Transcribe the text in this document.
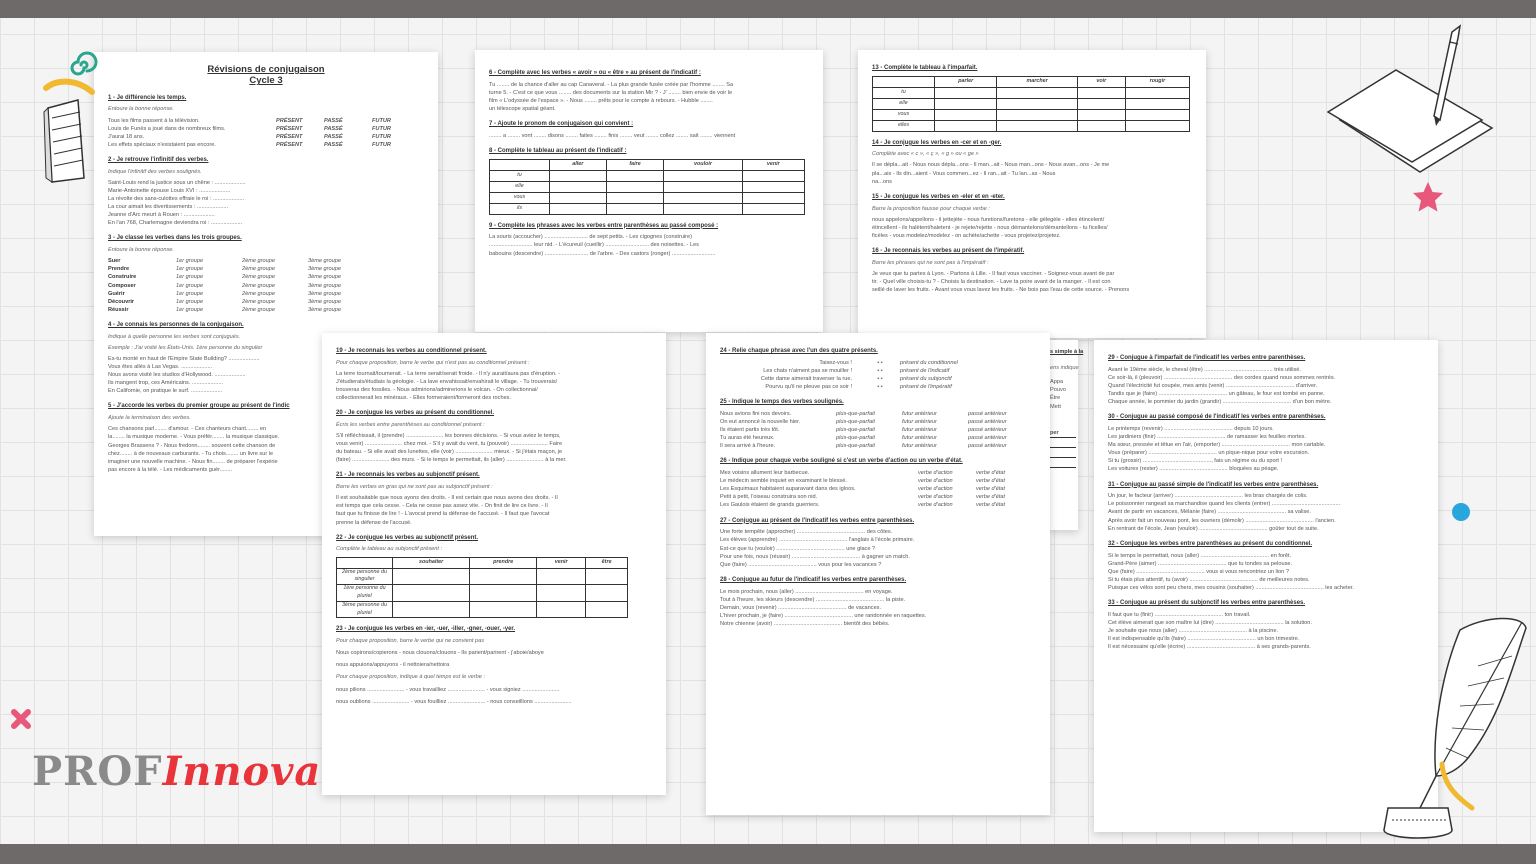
PROF Innova
Révisions de conjugaison
Cycle 3
1 - Je différencie les temps.
Entoure la bonne réponse.
Tous les films passent à la télévision.	PRÉSENT	PASSÉ	FUTUR
Louis de Funès a joué dans de nombreux films.	PRÉSENT	PASSÉ	FUTUR
J'aurai 18 ans.	PRÉSENT	PASSÉ	FUTUR
Les effets spéciaux n'existaient pas encore.	PRÉSENT	PASSÉ	FUTUR
2 - Je retrouve l'infinitif des verbes.
Indique l'infinitif des verbes soulignés.
Saint-Louis rend la justice sous un chêne : ....................
Marie-Antoinette épouse Louis XVI : ....................
La révolte des sans-culottes effraie le roi : ....................
La cour aimait les divertissements : ....................
Jeanne d'Arc meurt à Rouen : ....................
En l'an 768, Charlemagne deviendra roi : ....................
3 - Je classe les verbes dans les trois groupes.
Entoure la bonne réponse.
Suer	1er groupe	2ème groupe	3ème groupe
Prendre	1er groupe	2ème groupe	3ème groupe
Construire	1er groupe	2ème groupe	3ème groupe
Composer	1er groupe	2ème groupe	3ème groupe
Guérir	1er groupe	2ème groupe	3ème groupe
Découvrir	1er groupe	2ème groupe	3ème groupe
Réussir	1er groupe	2ème groupe	3ème groupe
4 - Je connais les personnes de la conjugaison.
Indique à quelle personne les verbes sont conjugués.
Exemple : J'ai visité les États-Unis. 1ère personne du singulier
Es-tu monté en haut de l'Empire State Building? ....................
Vous êtes allés à Las Vegas. ....................
Nous avons visité les studios d'Hollywood. ....................
Ils mangent trop, ces Américains. ....................
En Californie, on pratique le surf. ....................
5 - J'accorde les verbes du premier groupe au présent de l'indic
Ajoute la terminaison des verbes.
Ces chansons parl........ d'amour. - Ces chanteurs chant........ en
la........ la musique moderne. - Vous préfér........ la musique classique.
Georges Brassens ? - Nous fredonn........ souvent cette chanson de
chez........ à de nouveaux carburants. - Tu chois........ un livre sur le
imaginer une nouvelle machine. - Nous fin........ de préparer l'expérie
pas encore à la télé. - Les médicaments guér........
6 - Complète avec les verbes « avoir » ou « être » au présent de l'indicatif :
Tu ........ de la chance d'aller au cap Canaveral. - La plus grande fusée créée par l'homme ........ Sa
turne 5. - C'est ce que vous ........ des documents sur la station Mir ? - J' ........ bien envie de voir le
film « L'odyssée de l'espace ». - Nous ........ prêts pour le compte à rebours. - Hubble ........
un télescope spatial géant.
7 - Ajoute le pronom de conjugaison qui convient :
........ a ........ vont ........ disons ........ faites ........ finis ........ veut ........ collez ........ sait ........ viennent
8 - Complète le tableau au présent de l'indicatif :
	aller	faire	vouloir	venir
tu				
elle				
vous				
ils				
9 - Complète les phrases avec les verbes entre parenthèses au passé composé :
La souris (accoucher) ............................ de sept petits. - Les cigognes (construire)
............................ leur nid. - L'écureuil (cueillir) ............................ des noisettes. - Les
babouins (descendre) ............................ de l'arbre. - Des castors (ronger) ............................
13 - Complète le tableau à l'imparfait.
	parler	marcher	voir	rougir
tu				
elle				
vous				
elles				
14 - Je conjugue les verbes en -cer et en -ger.
Complète avec « c », « ç », « g » ou « ge »
Il se dépla...ait - Nous nous dépla...ons - Il man...ait - Nous man...ons - Nous avan...ons - Je me
pla...ais - Ils din...aient - Vous commen...ez - Il ran...ait - Tu lan...as - Nous
na...ons
15 - Je conjugue les verbes en -eler et en -eter.
Barre la proposition fausse pour chaque verbe :
nous appelons/appellons - il jettejète - nous furetions/furetons - elle gèlegèle - elles étincelent/
étincellent - ils halètent/haletent - je rejete/rejette - nous démantelons/démantellons - tu ficelles/
ficèles - vous modelez/modelez - on achète/achette - vous projetez/projetez.
16 - Je reconnais les verbes au présent de l'impératif.
Barre les phrases qui ne sont pas à l'impératif :
Je veux que tu partes à Lyon. - Partons à Lille. - Il faut vous vacciner. - Soignez-vous avant de par
tir. - Quel ville choisis-tu ? - Choisis la destination. - Lave ta poire avant de la manger. - Il est con
seillé de laver les fruits. - Avant vous vous lavez les fruits. - Ne bois pas l'eau de cette source. - Prenons
s simple à la
ens indique
Appa
Pouvo
Être
Mett
per
19 - Je reconnais les verbes au conditionnel présent.
Pour chaque proposition, barre le verbe qui n'est pas au conditionnel présent :
La terre tournait/tournerait. - La terre serait/serait froide. - Il n'y aurait/aura pas d'éruption. -
J'étudierais/étudiais la géologie. - La lave envahissait/envahirait le village. - Tu trouverais/
trouveras des fossiles. - Nous admirions/admirerions le volcan. - On collectionnai/
collectionnerait les minéraux. - Elles formeraient/formeront des roches.
20 - Je conjugue les verbes au présent du conditionnel.
Écris les verbes entre parenthèses au conditionnel présent :
S'il réfléchissait, il (prendre) ........................ les bonnes décisions. - Si vous aviez le temps,
vous venir) ........................ chez moi. - S'il y avait du vent, tu (pouvoir) ........................ Faire
du bateau. - Si elle avait des lunettes, elle (voir) ........................ mieux. - Si j'étais maçon, je
(faire) ........................ des murs. - Si le temps le permettait, ils (aller) ........................ à la mer.
21 - Je reconnais les verbes au subjonctif présent.
Barre les verbes en gras qui ne sont pas au subjonctif présent :
Il est souhaitable que nous ayons des droits. - Il est certain que nous avons des droits. - Il
est temps que cela cesse. - Cela ne cesse pas assez vite. - On finit de lire ce livre. - Il
faut que tu finisse de lire ! - L'avocat prend la défense de l'accusé. - Il faut que l'avocat
prenne la défense de l'accusé.
22 - Je conjugue les verbes au subjonctif présent.
Complète le tableau au subjonctif présent :
	souhaiter	prendre	venir	être
2ème personne du singulier				
1ère personne du pluriel				
3ème personne du pluriel				
23 - Je conjugue les verbes en -ier, -uer, -iller, -gner, -ouer, -yer.
Pour chaque proposition, barre le verbe qui ne convient pas
Nous copirons/copierons - nous clouons/clouons - Ils parient/parirent - j'aboie/aboye
nous appuions/appuyons - il nettoiera/nettoira
Pour chaque proposition, indique à quel temps est le verbe :
nous pilions ........................ - vous travailliez ........................ - vous signiez ........................
nous oublions ........................ - vous fouilliez ........................ - nous conseillions ........................
24 - Relie chaque phrase avec l'un des quatre présents.
Taisez-vous !	• •	présent du conditionnel
Les chats n'aiment pas se mouiller !	• •	présent de l'indicatif
Cette dame aimerait traverser la rue.	• •	présent du subjonctif
Pourvu qu'il ne pleuve pas ce soir !	• •	présent de l'impératif
25 - Indique le temps des verbes soulignés.
Nous avions fini nos devoirs.	plus-que-parfait	futur antérieur	passé antérieur
On eut annoncé la nouvelle hier.	plus-que-parfait	futur antérieur	passé antérieur
Ils étaient partis très tôt.	plus-que-parfait	futur antérieur	passé antérieur
Tu auras été heureux.	plus-que-parfait	futur antérieur	passé antérieur
Il sera arrivé à l'heure.	plus-que-parfait	futur antérieur	passé antérieur
26 - Indique pour chaque verbe souligné si c'est un verbe d'action ou un verbe d'état.
Mes voisins allument leur barbecue.	verbe d'action	verbe d'état
Le médecin semble inquiet en examinant le blessé.	verbe d'action	verbe d'état
Les Esquimaux habitaient auparavant dans des igloos.	verbe d'action	verbe d'état
Petit à petit, l'oiseau construira son nid.	verbe d'action	verbe d'état
Les Gaulois étaient de grands guerriers.	verbe d'action	verbe d'état
27 - Conjugue au présent de l'indicatif les verbes entre parenthèses.
Une forte tempête (approcher) ............................................ des côtes.
Les élèves (apprendre) ............................................ l'anglais à l'école primaire.
Est-ce que tu (vouloir) ............................................ une glace ?
Pour une fois, nous (réussir) ............................................ à gagner un match.
Que (faire) ............................................ vous pour les vacances ?
28 - Conjugue au futur de l'indicatif les verbes entre parenthèses.
Le mois prochain, nous (aller) ............................................ en voyage.
Tout à l'heure, les skieurs (descendre) ............................................ la piste.
Demain, vous (revenir) ............................................ de vacances.
L'hiver prochain, je (faire) ............................................ une randonnée en raquettes.
Notre chienne (avoir) ............................................ bientôt des bébés.
29 - Conjugue à l'imparfait de l'indicatif les verbes entre parenthèses.
Avant le 19ème siècle, le cheval (être) ............................................ très utilisé.
Ce soir-là, il (pleuvoir) ............................................ des cordes quand nous sommes rentrés.
Quand l'électricité fut coupée, mes amis (venir) ............................................ d'arriver.
Tandis que je (faire) ............................................ un gâteau, le four est tombé en panne.
Chaque année, le pommier du jardin (grandir) ............................................ d'un bon mètre.
30 - Conjugue au passé composé de l'indicatif les verbes entre parenthèses.
Le printemps (revenir) ............................................ depuis 10 jours.
Les jardiniers (finir) ............................................ de ramasser les feuilles mortes.
Ma sœur, pressée et têtue en l'air, (emporter) ............................................ mon cartable.
Vous (préparer) ............................................ un pique-nique pour votre excursion.
Si tu (grossir) ............................................, fais un régime ou du sport !
Les voitures (rester) ............................................ bloquées au péage.
31 - Conjugue au passé simple de l'indicatif les verbes entre parenthèses.
Un jour, le facteur (arriver) ............................................ les bras chargés de colis.
Le poissonnier rangeait sa marchandise quand les clients (entrer) ............................................
Avant de partir en vacances, Mélanie (faire) ............................................ sa valise.
Après avoir fait un nouveau pont, les ouvriers (démolir) ............................................ l'ancien.
En rentrant de l'école, Jean (vouloir) ............................................ goûter tout de suite.
32 - Conjugue les verbes entre parenthèses au présent du conditionnel.
Si le temps le permettait, nous (aller) ............................................ en forêt.
Grand-Père (aimer) ............................................ que tu tondes sa pelouse.
Que (faire) ............................................ vous si vous rencontriez un lion ?
Si tu étais plus attentif, tu (avoir) ............................................ de meilleures notes.
Puisque ces vélos sont peu chers, mes cousins (souhaiter) ............................................ les acheter.
33 - Conjugue au présent du subjonctif les verbes entre parenthèses.
Il faut que tu (finir) ............................................ ton travail.
Cet élève aimerait que son maître lui (dire) ............................................ la solution.
Je souhaite que nous (aller) ............................................ à la piscine.
Il est indispensable qu'ils (faire) ............................................ un bon trimestre.
Il est nécessaire qu'elle (écrire) ............................................ à ses grands-parents.
